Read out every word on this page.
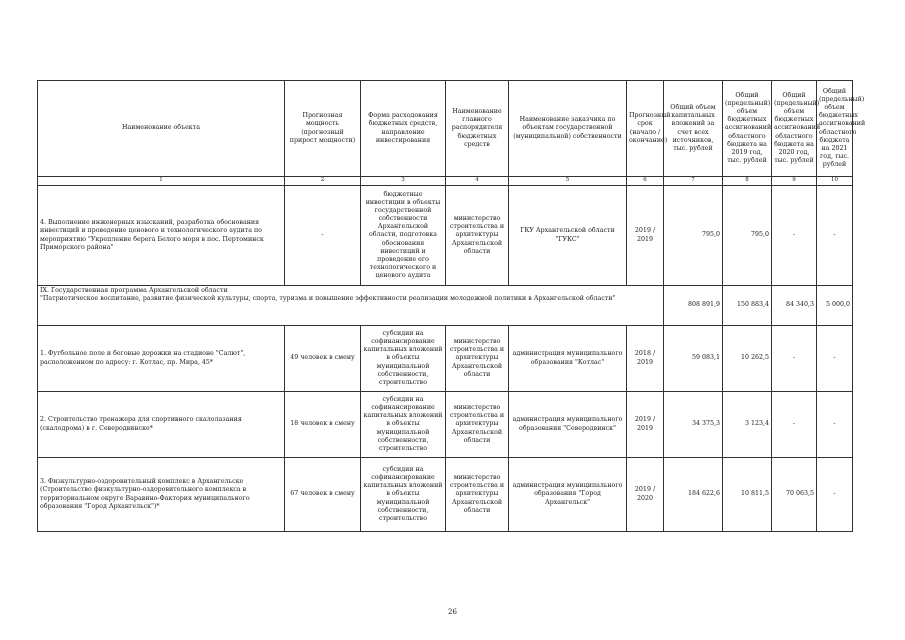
Наименование объекта	Прогнозная мощность (прогнозный прирост мощности)	Форма расходования бюджетных средств, направление инвестирования	Наименование главного распорядителя бюджетных средств	Наименование заказчика по объектам государственной (муниципальной) собственности	Прогнозный срок (начало / окончание)	Общий объем капитальных вложений за счет всех источников, тыс. рублей	Общий (предельный) объем бюджетных ассигнований областного бюджета на 2019 год, тыс. рублей	Общий (предельный) объем бюджетных ассигнований областного бюджета на 2020 год, тыс. рублей	Общий (предельный) объем бюджетных ассигнований областного бюджета на 2021 год, тыс. рублей
1	2	3	4	5	6	7	8	9	10
4. Выполнение инженерных изысканий, разработка обоснования инвестиций и проведение ценового и технологического аудита по мероприятию "Укрепление берега Белого моря в пос. Пертоминск Приморского района"	-	бюджетные инвестиции в объекты государственной собственности Архангельской области, подготовка обоснования инвестиций и проведение его технологического и ценового аудита	министерство строительства и архитектуры Архангельской области	ГКУ Архангельской области "ГУКС"	2019 / 2019	795,0	795,0	-	-

IX. Государственная программа Архангельской области
"Патриотическое воспитание, развитие физической культуры, спорта, туризма и повышение эффективности реализации молодежной политики в Архангельской области"						808 891,9	150 883,4	84 340,3	5 000,0
1. Футбольное поле и беговые дорожки на стадионе "Салют", расположенном по адресу: г. Котлас, пр. Мира, 45*	49 человек в смену	субсидии на софинансирование капитальных вложений в объекты муниципальной собственности, строительство	министерство строительства и архитектуры Архангельской области	администрация муниципального образования "Котлас"	2018 / 2019	59 083,1	10 262,5	-	-
2. Строительство тренажера для спортивного скалолазания (скалодрома) в г. Северодвинске*	18 человек в смену	субсидии на софинансирование капитальных вложений в объекты муниципальной собственности, строительство	министерство строительства и архитектуры Архангельской области	администрация муниципального образования "Северодвинск"	2019 / 2019	34 375,3	3 123,4	-	-
3. Физкультурно-оздоровительный комплекс в Архангельске (Строительство физкультурно-оздоровительного комплекса в территориальном округе Варавино-Фактория муниципального образования "Город Архангельск")*	67 человек в смену	субсидии на софинансирование капитальных вложений в объекты муниципальной собственности, строительство	министерство строительства и архитектуры Архангельской области	администрация муниципального образования "Город Архангельск"	2019 / 2020	184 622,6	10 811,5	70 063,5	-
26
